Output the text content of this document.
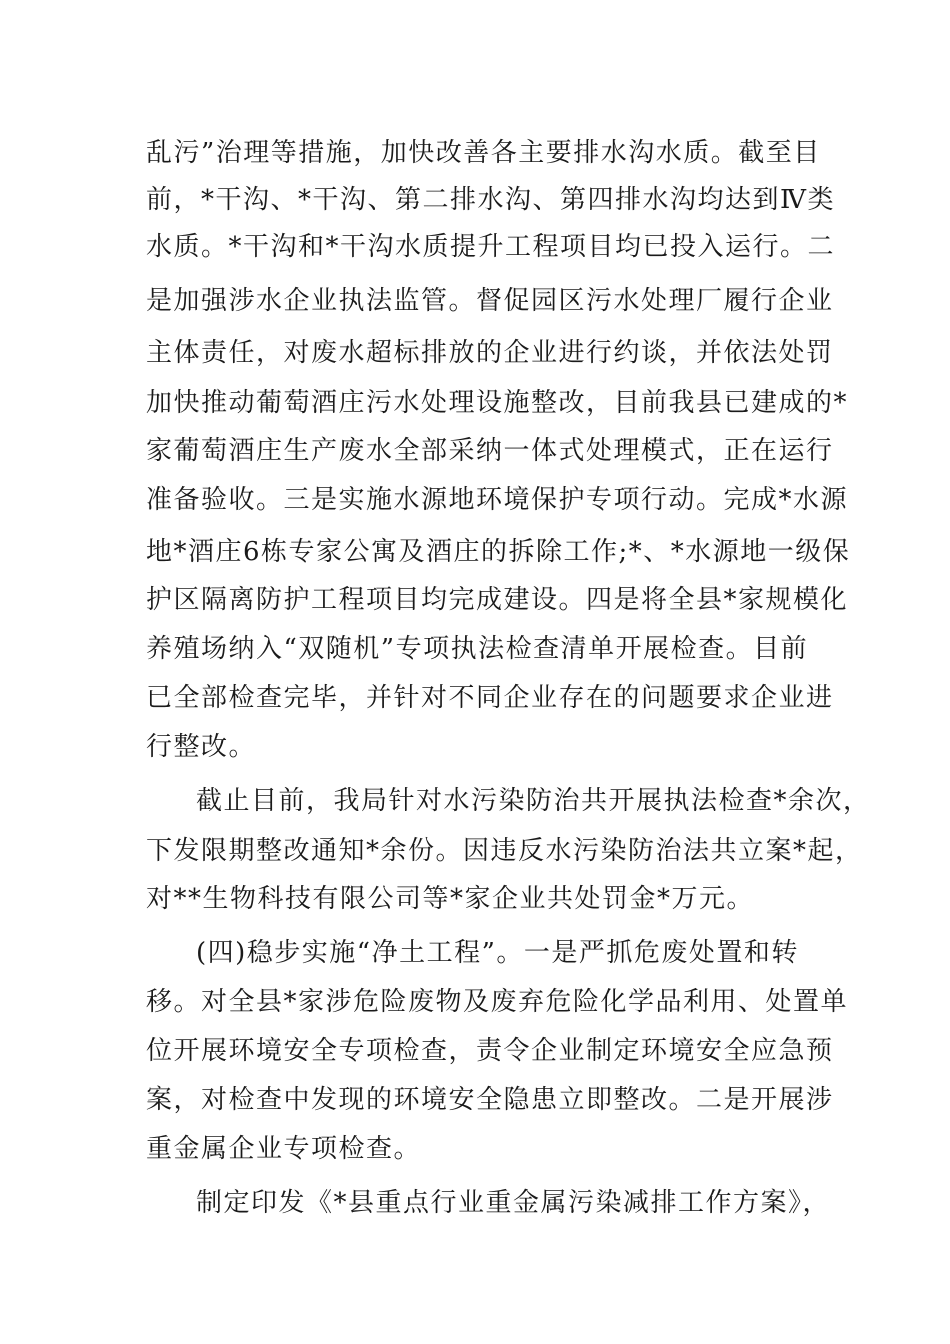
乱污”治理等措施，加快改善各主要排水沟水质。截至目
前，*干沟、*干沟、第二排水沟、第四排水沟均达到Ⅳ类
水质。*干沟和*干沟水质提升工程项目均已投入运行。二
是加强涉水企业执法监管。督促园区污水处理厂履行企业
主体责任，对废水超标排放的企业进行约谈，并依法处罚
加快推动葡萄酒庄污水处理设施整改，目前我县已建成的*
家葡萄酒庄生产废水全部采纳一体式处理模式，正在运行
准备验收。三是实施水源地环境保护专项行动。完成*水源
地*酒庄6栋专家公寓及酒庄的拆除工作;*、*水源地一级保
护区隔离防护工程项目均完成建设。四是将全县*家规模化
养殖场纳入“双随机”专项执法检查清单开展检查。目前
已全部检查完毕，并针对不同企业存在的问题要求企业进
行整改。
截止目前，我局针对水污染防治共开展执法检查*余次，
下发限期整改通知*余份。因违反水污染防治法共立案*起，
对**生物科技有限公司等*家企业共处罚金*万元。
(四)稳步实施“净土工程”。一是严抓危废处置和转
移。对全县*家涉危险废物及废弃危险化学品利用、处置单
位开展环境安全专项检查，责令企业制定环境安全应急预
案，对检查中发现的环境安全隐患立即整改。二是开展涉
重金属企业专项检查。
制定印发《*县重点行业重金属污染减排工作方案》，
